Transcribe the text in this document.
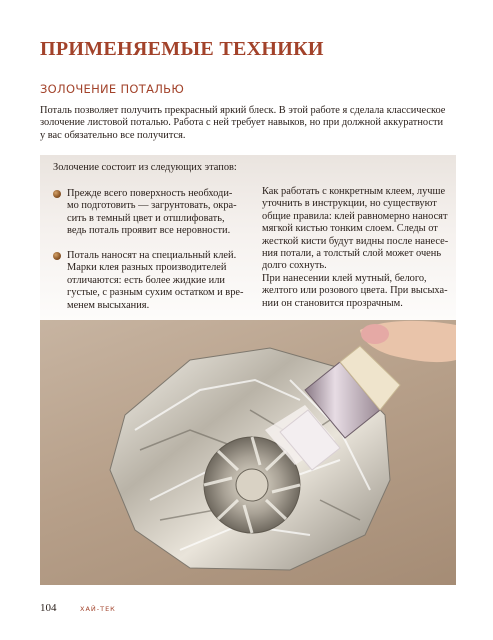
ПРИМЕНЯЕМЫЕ ТЕХНИКИ
ЗОЛОЧЕНИЕ ПОТАЛЬЮ

Поталь позволяет получить прекрасный яркий блеск. В этой работе я сделала классическое
золочение листовой поталью. Работа с ней требует навыков, но при должной аккуратности
у вас обязательно все получится.

Золочение состоит из следующих этапов:

Прежде всего поверхность необходи-
мо подготовить — загрунтовать, окра-
сить в темный цвет и отшлифовать,
ведь поталь проявит все неровности.

Поталь наносят на специальный клей.
Марки клея разных производителей
отличаются: есть более жидкие или
густые, с разным сухим остатком и вре-
менем высыхания.

Как работать с конкретным клеем, лучше
уточнить в инструкции, но существуют
общие правила: клей равномерно наносят
мягкой кистью тонким слоем. Следы от
жесткой кисти будут видны после нанесе-
ния потали, а толстый слой может очень
долго сохнуть.

При нанесении клей мутный, белого,
желтого или розового цвета. При высыха-
нии он становится прозрачным.

104	ХАЙ-ТЕК
